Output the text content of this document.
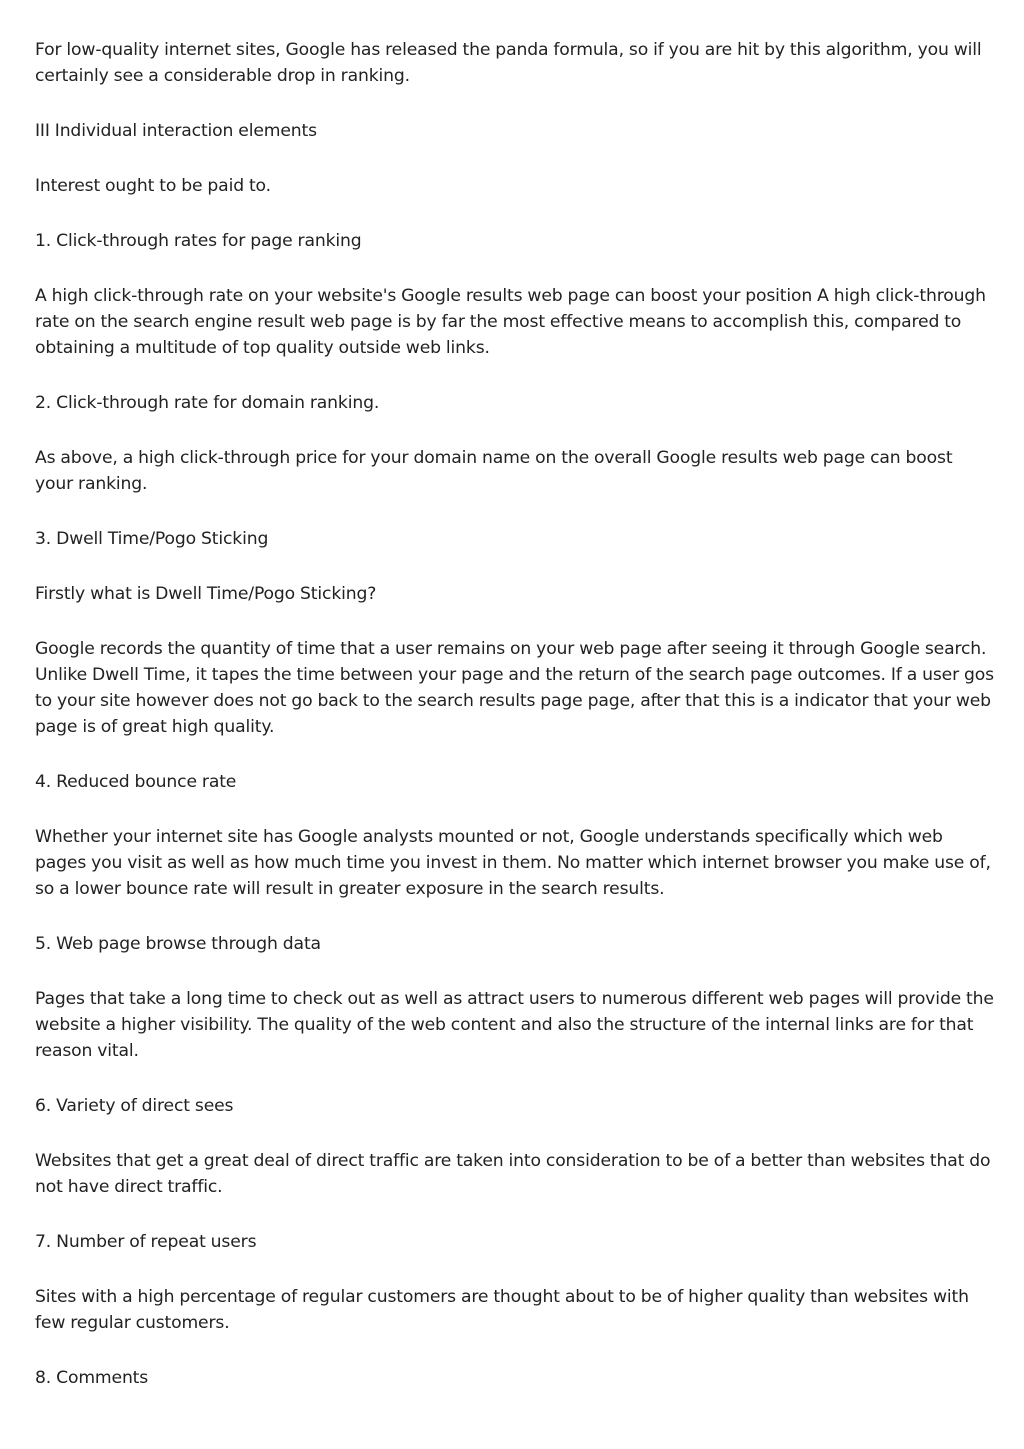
For low-quality internet sites, Google has released the panda formula, so if you are hit by this algorithm, you will certainly see a considerable drop in ranking.

III Individual interaction elements

Interest ought to be paid to.

1. Click-through rates for page ranking

A high click-through rate on your website's Google results web page can boost your position A high click-through rate on the search engine result web page is by far the most effective means to accomplish this, compared to obtaining a multitude of top quality outside web links.

2. Click-through rate for domain ranking.

As above, a high click-through price for your domain name on the overall Google results web page can boost your ranking.

3. Dwell Time/Pogo Sticking

Firstly what is Dwell Time/Pogo Sticking?

Google records the quantity of time that a user remains on your web page after seeing it through Google search. Unlike Dwell Time, it tapes the time between your page and the return of the search page outcomes. If a user gos to your site however does not go back to the search results page page, after that this is a indicator that your web page is of great high quality.

4. Reduced bounce rate

Whether your internet site has Google analysts mounted or not, Google understands specifically which web pages you visit as well as how much time you invest in them. No matter which internet browser you make use of, so a lower bounce rate will result in greater exposure in the search results.

5. Web page browse through data

Pages that take a long time to check out as well as attract users to numerous different web pages will provide the website a higher visibility. The quality of the web content and also the structure of the internal links are for that reason vital.

6. Variety of direct sees

Websites that get a great deal of direct traffic are taken into consideration to be of a better than websites that do not have direct traffic.

7. Number of repeat users

Sites with a high percentage of regular customers are thought about to be of higher quality than websites with few regular customers.

8. Comments
